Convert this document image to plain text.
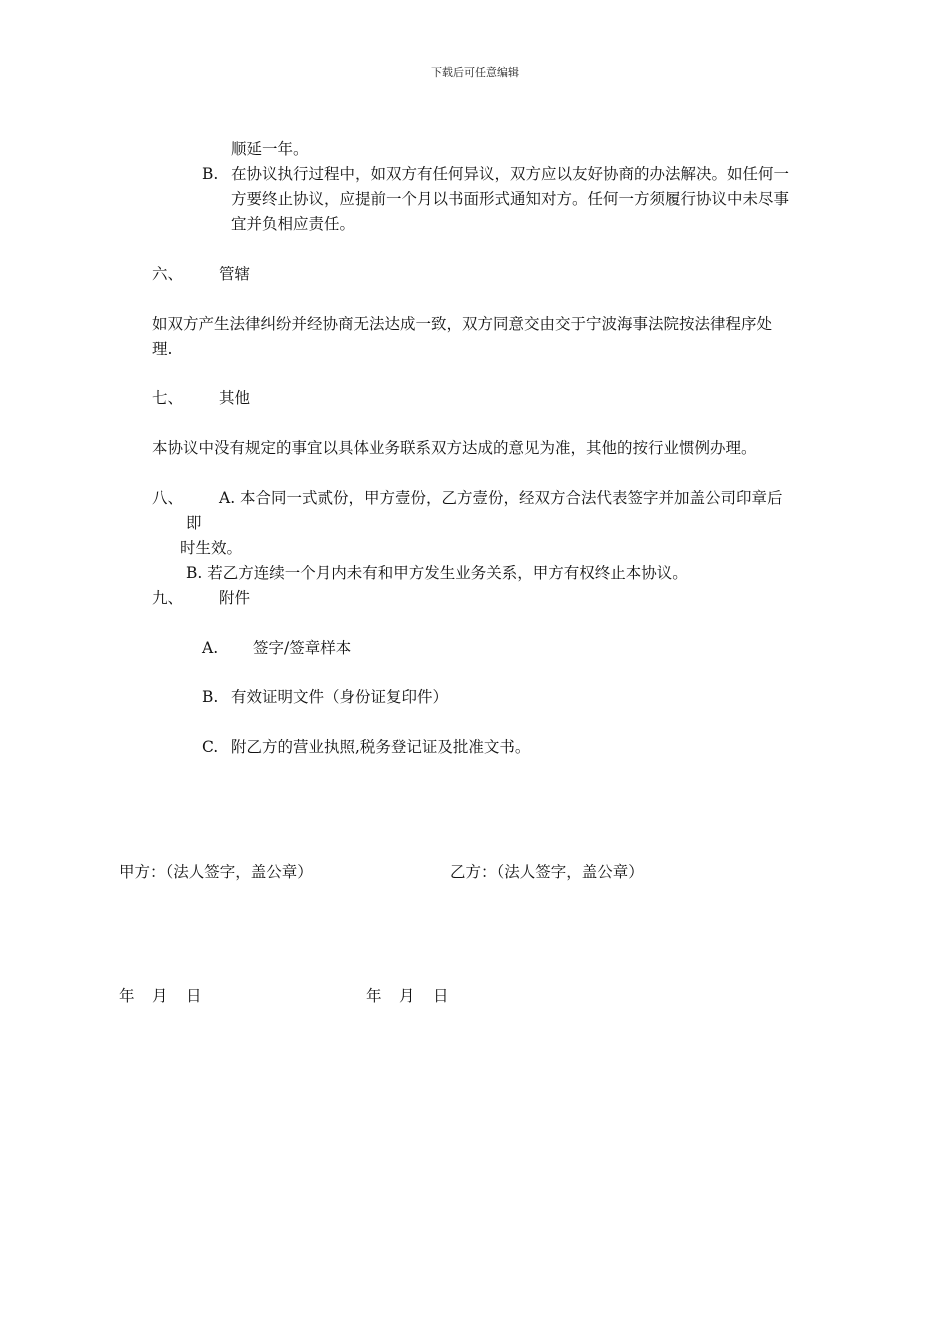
下载后可任意编辑
顺延一年。
B. 在协议执行过程中，如双方有任何异议，双方应以友好协商的办法解决。如任何一
方要终止协议，应提前一个月以书面形式通知对方。任何一方须履行协议中未尽事
宜并负相应责任。
六、 管辖
如双方产生法律纠纷并经协商无法达成一致，双方同意交由交于宁波海事法院按法律程序处
理.
七、 其他
本协议中没有规定的事宜以具体业务联系双方达成的意见为准，其他的按行业惯例办理。
八、 A. 本合同一式贰份，甲方壹份，乙方壹份，经双方合法代表签字并加盖公司印章后
即
时生效。
B. 若乙方连续一个月内未有和甲方发生业务关系，甲方有权终止本协议。
九、 附件
A. 签字/签章样本
B. 有效证明文件（身份证复印件）
C. 附乙方的营业执照,税务登记证及批准文书。
甲方：（法人签字，盖公章）	乙方：（法人签字，盖公章）
年 月 日	年 月 日
